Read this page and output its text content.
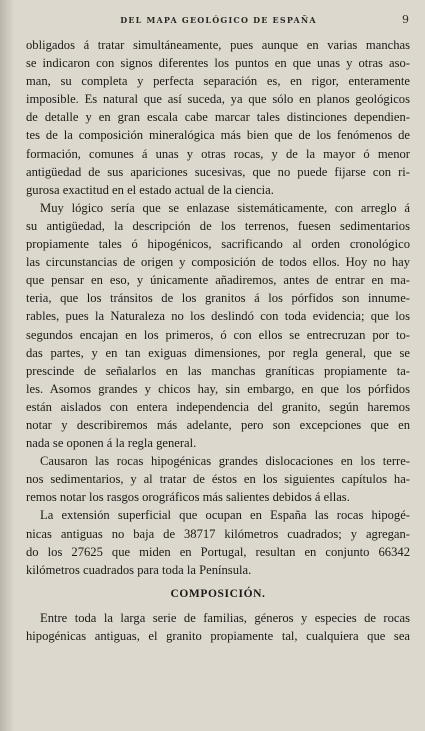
DEL MAPA GEOLÓGICO DE ESPAÑA	9
obligados á tratar simultáneamente, pues aunque en varias manchas
se indicaron con signos diferentes los puntos en que unas y otras aso-
man, su completa y perfecta separación es, en rigor, enteramente
imposible. Es natural que así suceda, ya que sólo en planos geológicos
de detalle y en gran escala cabe marcar tales distinciones dependien-
tes de la composición mineralógica más bien que de los fenómenos de
formación, comunes á unas y otras rocas, y de la mayor ó menor
antigüedad de sus apariciones sucesivas, que no puede fijarse con ri-
gurosa exactitud en el estado actual de la ciencia.
Muy lógico sería que se enlazase sistemáticamente, con arreglo á
su antigüedad, la descripción de los terrenos, fuesen sedimentarios
propiamente tales ó hipogénicos, sacrificando al orden cronológico
las circunstancias de origen y composición de todos ellos. Hoy no hay
que pensar en eso, y únicamente añadiremos, antes de entrar en ma-
teria, que los tránsitos de los granitos á los pórfidos son innume-
rables, pues la Naturaleza no los deslindó con toda evidencia; que los
segundos encajan en los primeros, ó con ellos se entrecruzan por to-
das partes, y en tan exiguas dimensiones, por regla general, que se
prescinde de señalarlos en las manchas graníticas propiamente ta-
les. Asomos grandes y chicos hay, sin embargo, en que los pórfidos
están aislados con entera independencia del granito, según haremos
notar y describiremos más adelante, pero son excepciones que en
nada se oponen á la regla general.
Causaron las rocas hipogénicas grandes dislocaciones en los terre-
nos sedimentarios, y al tratar de éstos en los siguientes capítulos ha-
remos notar los rasgos orográficos más salientes debidos á ellas.
La extensión superficial que ocupan en España las rocas hipogé-
nicas antiguas no baja de 38717 kilómetros cuadrados; y agregan-
do los 27625 que miden en Portugal, resultan en conjunto 66342
kilómetros cuadrados para toda la Península.
COMPOSICIÓN.
Entre toda la larga serie de familias, géneros y especies de rocas
hipogénicas antiguas, el granito propiamente tal, cualquiera que sea
